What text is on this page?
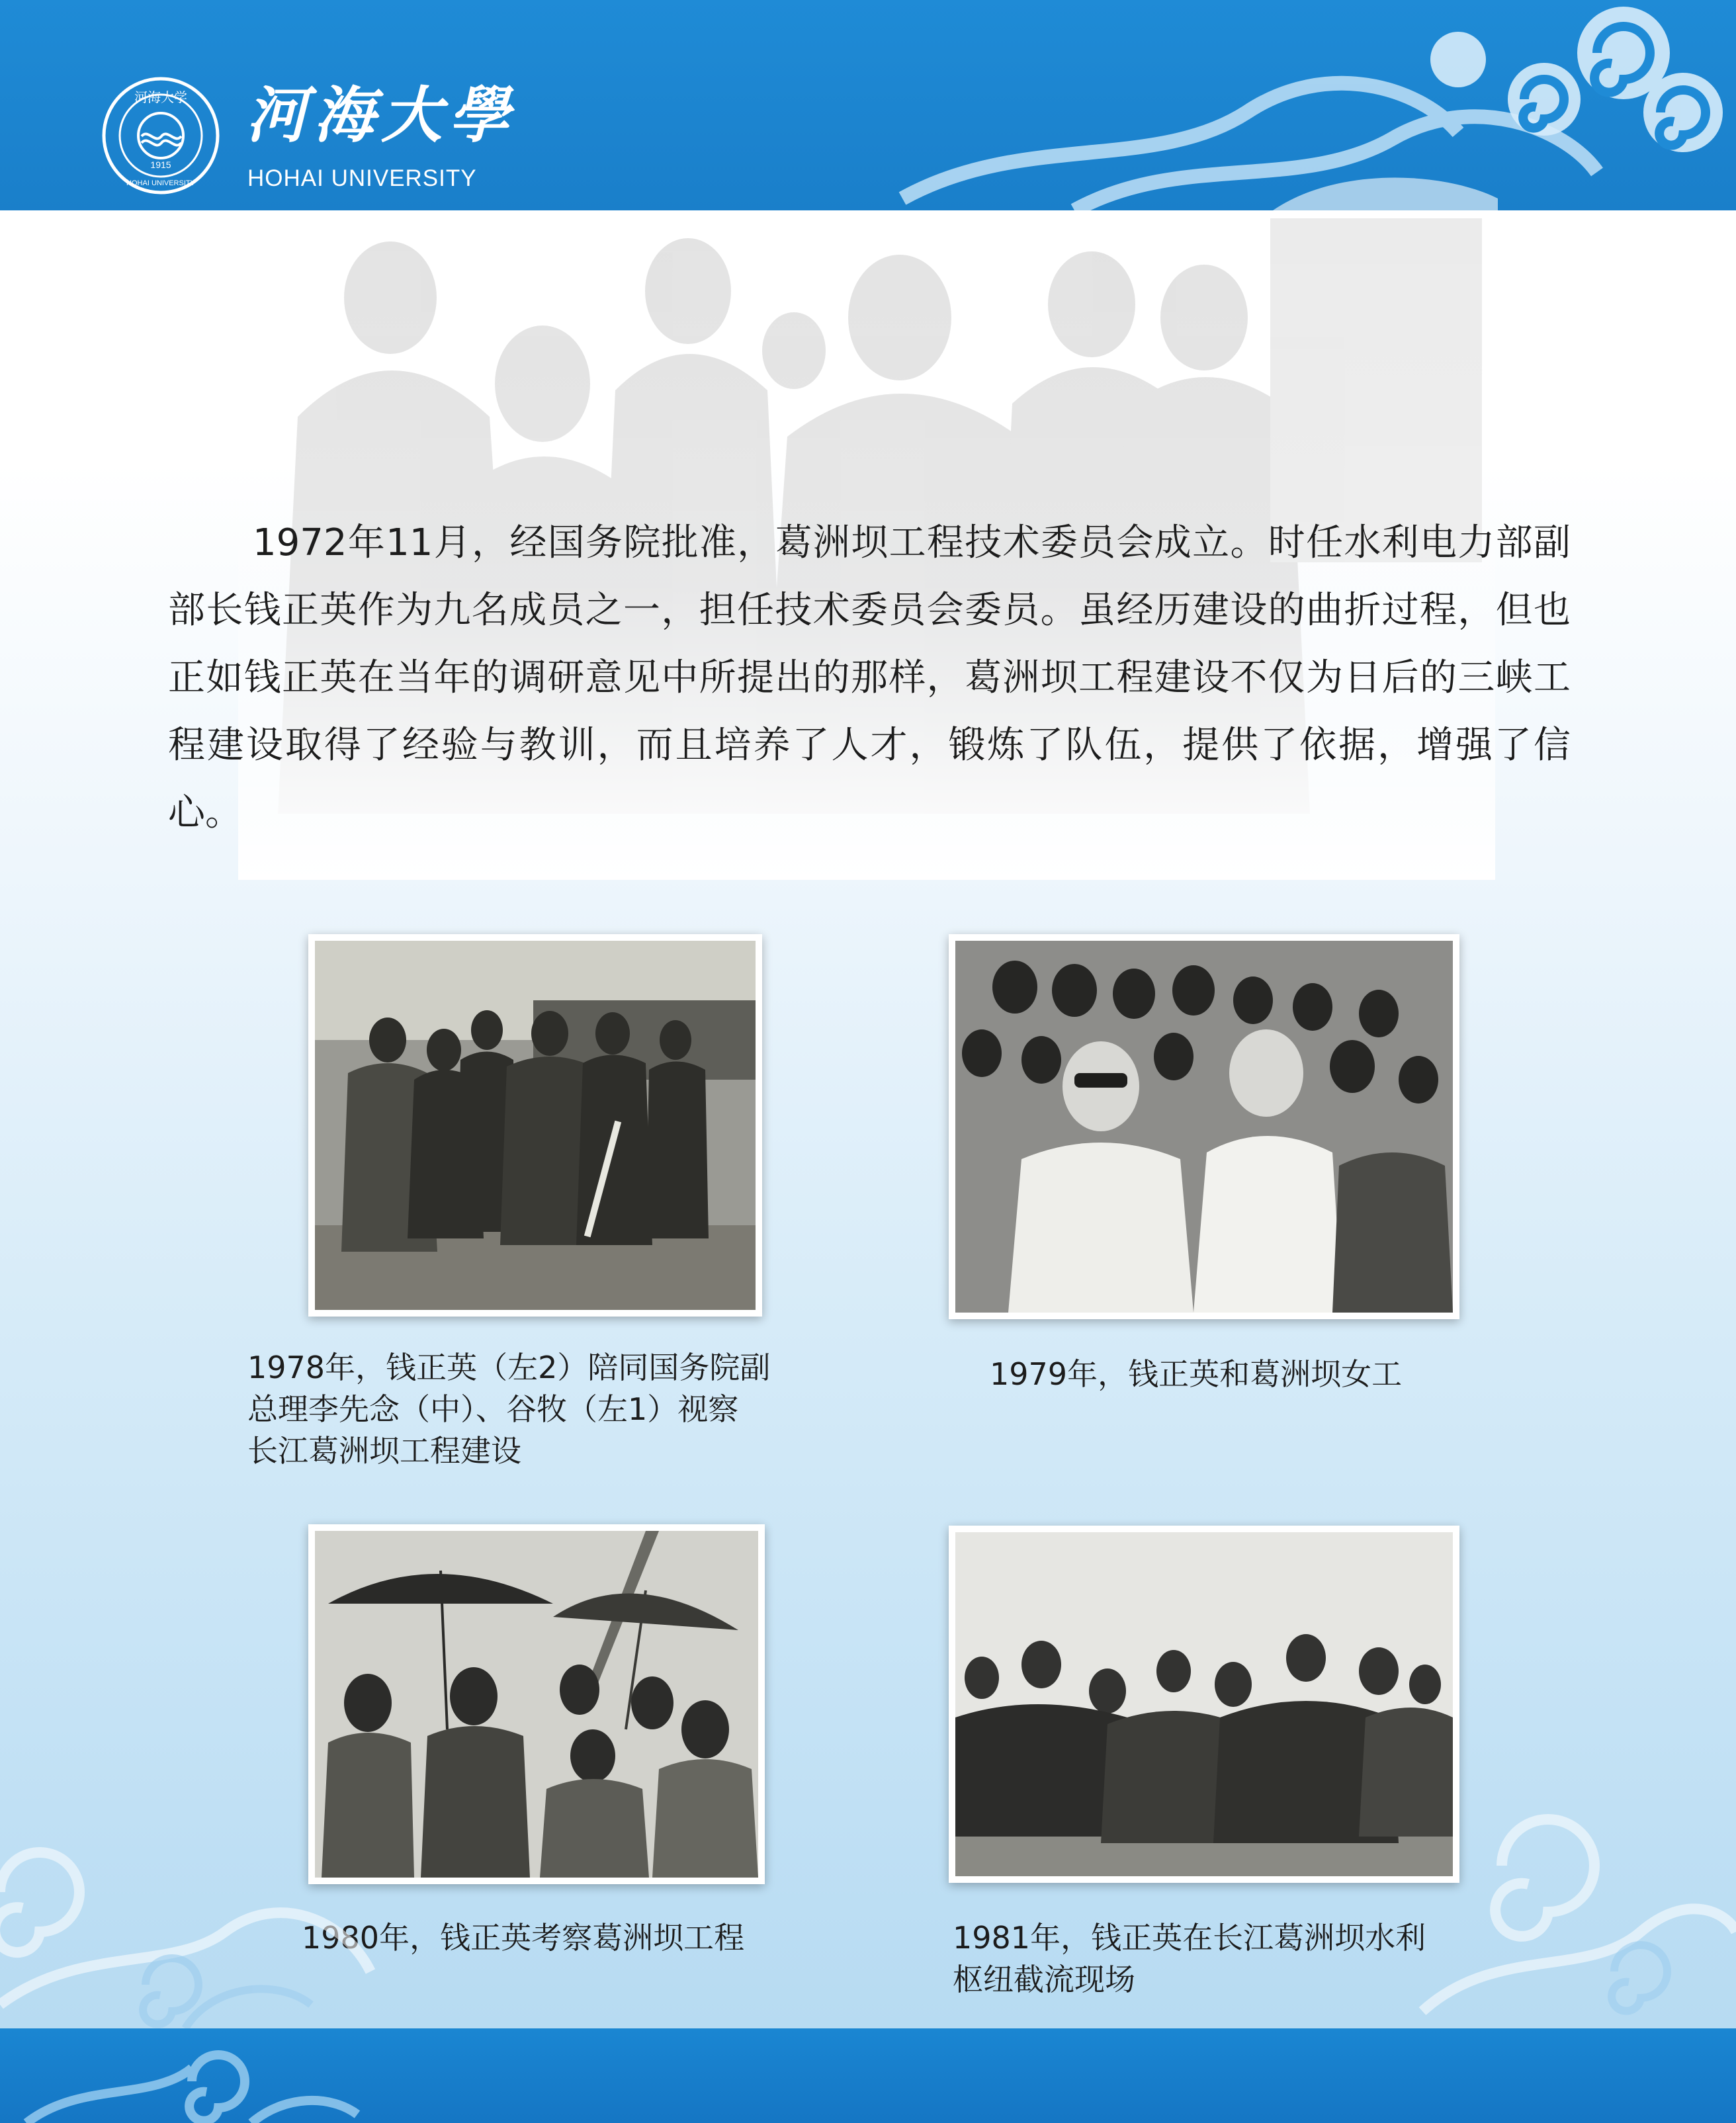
河海大学
1915
HOHAI UNIVERSITY
河海大學
HOHAI UNIVERSITY

1972年11月，经国务院批准，葛洲坝工程技术委员会成立。时任水利电力部副部长钱正英作为九名成员之一，担任技术委员会委员。虽经历建设的曲折过程，但也正如钱正英在当年的调研意见中所提出的那样，葛洲坝工程建设不仅为日后的三峡工程建设取得了经验与教训，而且培养了人才，锻炼了队伍，提供了依据，增强了信心。

1978年，钱正英（左2）陪同国务院副
总理李先念（中）、谷牧（左1）视察
长江葛洲坝工程建设
1979年，钱正英和葛洲坝女工
1980年，钱正英考察葛洲坝工程	1981年，钱正英在长江葛洲坝水利
枢纽截流现场
